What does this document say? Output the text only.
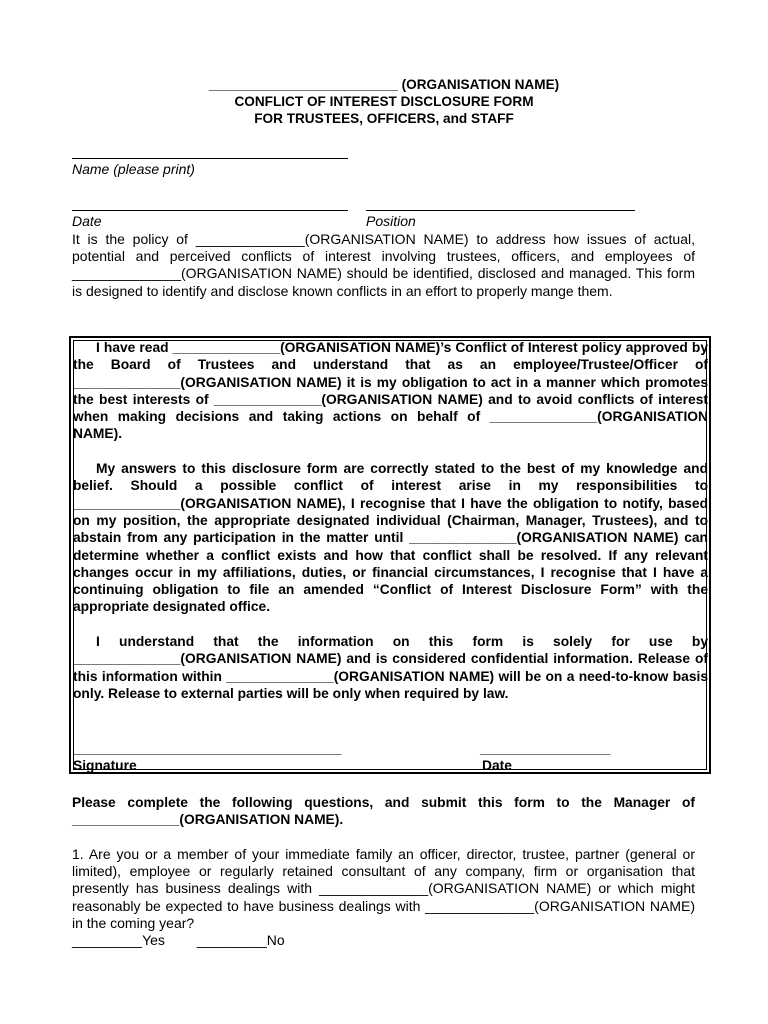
_________________________ (ORGANISATION NAME)
CONFLICT OF INTEREST DISCLOSURE FORM
FOR TRUSTEES, OFFICERS, and STAFF
Name (please print)
Date	Position
It is the policy of ______________(ORGANISATION NAME) to address how issues of actual, potential and perceived conflicts of interest involving trustees, officers, and employees of ______________(ORGANISATION NAME) should be identified, disclosed and managed. This form is designed to identify and disclose known conflicts in an effort to properly mange them.

I have read ______________(ORGANISATION NAME)’s Conflict of Interest policy approved by the Board of Trustees and understand that as an employee/Trustee/Officer of ______________(ORGANISATION NAME) it is my obligation to act in a manner which promotes the best interests of ______________(ORGANISATION NAME) and to avoid conflicts of interest when making decisions and taking actions on behalf of ______________(ORGANISATION NAME).

My answers to this disclosure form are correctly stated to the best of my knowledge and belief. Should a possible conflict of interest arise in my responsibilities to ______________(ORGANISATION NAME), I recognise that I have the obligation to notify, based on my position, the appropriate designated individual (Chairman, Manager, Trustees), and to abstain from any participation in the matter until ______________(ORGANISATION NAME) can determine whether a conflict exists and how that conflict shall be resolved. If any relevant changes occur in my affiliations, duties, or financial circumstances, I recognise that I have a continuing obligation to file an amended “Conflict of Interest Disclosure Form” with the appropriate designated office.

I understand that the information on this form is solely for use by ______________(ORGANISATION NAME) and is considered confidential information. Release of this information within ______________(ORGANISATION NAME) will be on a need-to-know basis only. Release to external parties will be only when required by law.

___________________________________	_________________
Signature	Date
Please complete the following questions, and submit this form to the Manager of ______________(ORGANISATION NAME).
1. Are you or a member of your immediate family an officer, director, trustee, partner (general or limited), employee or regularly retained consultant of any company, firm or organisation that presently has business dealings with ______________(ORGANISATION NAME) or which might reasonably be expected to have business dealings with ______________(ORGANISATION NAME) in the coming year?
_________Yes _________No
